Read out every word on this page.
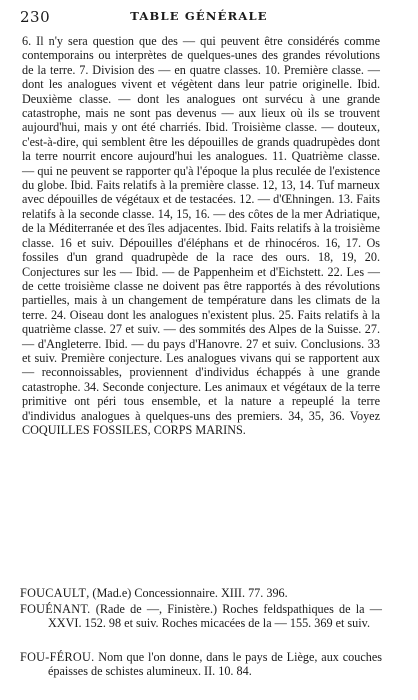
230	TABLE GÉNÉRALE
6. Il n'y sera question que des — qui peuvent être considérés comme contemporains ou interprètes de quelques-unes des grandes révolutions de la terre. 7. Division des — en quatre classes. 10. Première classe. — dont les analogues vivent et végètent dans leur patrie originelle. Ibid. Deuxième classe. — dont les analogues ont survécu à une grande catastrophe, mais ne sont pas devenus — aux lieux où ils se trouvent aujourd'hui, mais y ont été charriés. Ibid. Troisième classe. — douteux, c'est-à-dire, qui semblent être les dépouilles de grands quadrupèdes dont la terre nourrit encore aujourd'hui les analogues. 11. Quatrième classe. — qui ne peuvent se rapporter qu'à l'époque la plus reculée de l'existence du globe. Ibid. Faits relatifs à la première classe. 12, 13, 14. Tuf marneux avec dépouilles de végétaux et de testacées. 12. — d'Œhningen. 13. Faits relatifs à la seconde classe. 14, 15, 16. — des côtes de la mer Adriatique, de la Méditerranée et des îles adjacentes. Ibid. Faits relatifs à la troisième classe. 16 et suiv. Dépouilles d'éléphans et de rhinocéros. 16, 17. Os fossiles d'un grand quadrupède de la race des ours. 18, 19, 20. Conjectures sur les — Ibid. — de Pappenheim et d'Eichstett. 22. Les — de cette troisième classe ne doivent pas être rapportés à des révolutions partielles, mais à un changement de température dans les climats de la terre. 24. Oiseau dont les analogues n'existent plus. 25. Faits relatifs à la quatrième classe. 27 et suiv. — des sommités des Alpes de la Suisse. 27. — d'Angleterre. Ibid. — du pays d'Hanovre. 27 et suiv. Conclusions. 33 et suiv. Première conjecture. Les analogues vivans qui se rapportent aux — reconnoissables, proviennent d'individus échappés à une grande catastrophe. 34. Seconde conjecture. Les animaux et végétaux de la terre primitive ont péri tous ensemble, et la nature a repeuplé la terre d'individus analogues à quelques-uns des premiers. 34, 35, 36. Voyez COQUILLES FOSSILES, CORPS MARINS.
FOUCAULT, (Mad.e) Concessionnaire. XIII. 77. 396.
FOUÉNANT. (Rade de —, Finistère.) Roches feldspathiques de la — XXVI. 152. 98 et suiv. Roches micacées de la — 155. 369 et suiv.
FOU-FÉROU. Nom que l'on donne, dans le pays de Liège, aux couches épaisses de schistes alumineux. II. 10. 84.
